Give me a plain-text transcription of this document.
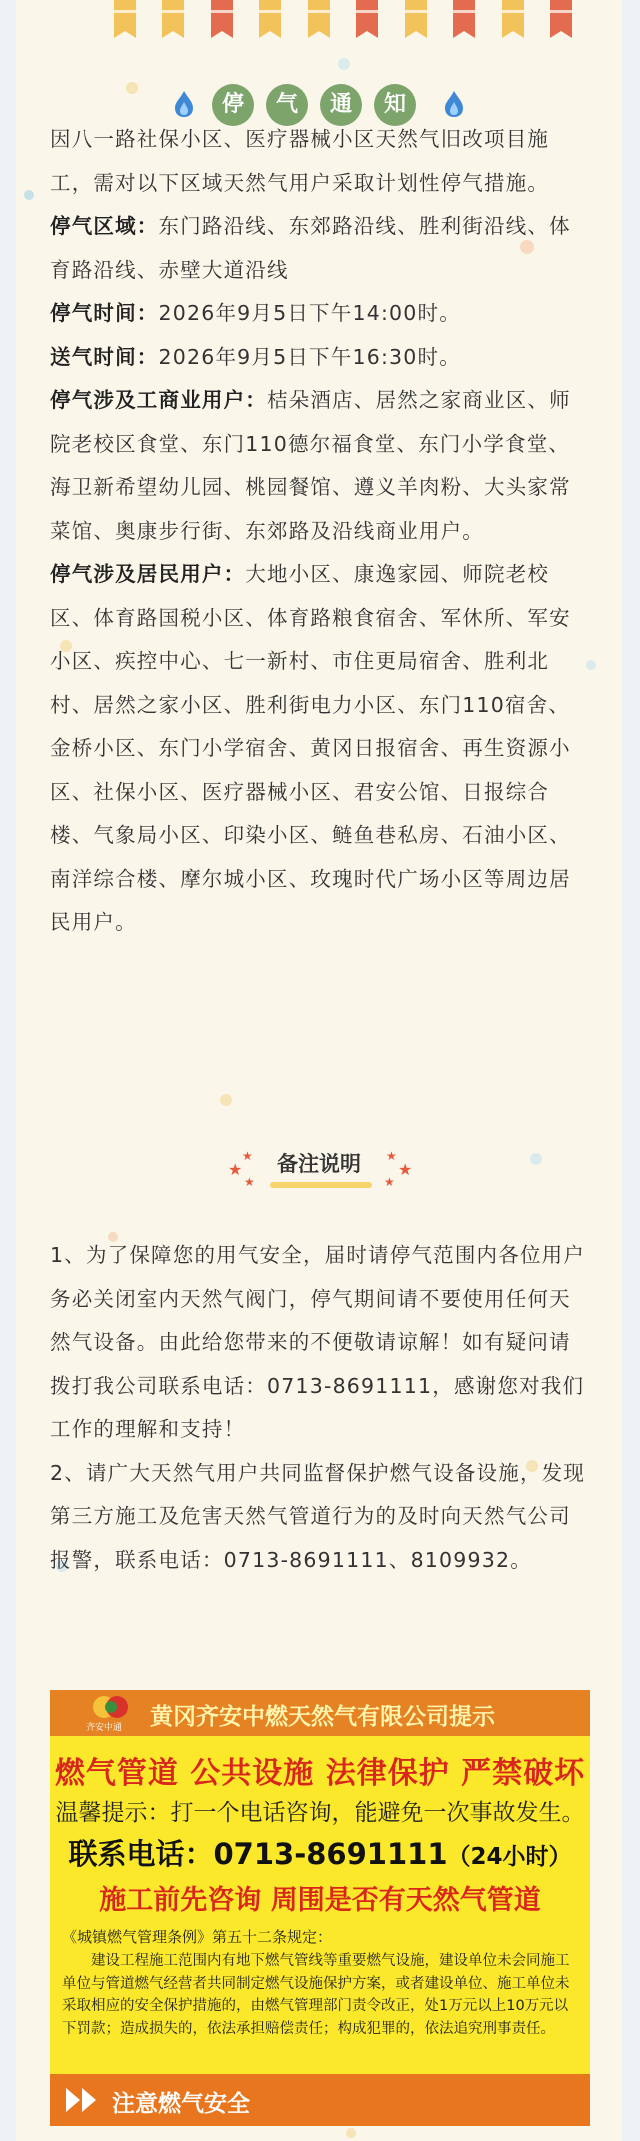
停	气	通	知

因八一路社保小区、医疗器械小区天然气旧改项目施工，需对以下区域天然气用户采取计划性停气措施。

停气区域：东门路沿线、东郊路沿线、胜利街沿线、体育路沿线、赤壁大道沿线

停气时间：2026年9月5日下午14:00时。

送气时间：2026年9月5日下午16:30时。

停气涉及工商业用户：桔朵酒店、居然之家商业区、师院老校区食堂、东门110德尔福食堂、东门小学食堂、海卫新希望幼儿园、桃园餐馆、遵义羊肉粉、大头家常菜馆、奥康步行街、东郊路及沿线商业用户。

停气涉及居民用户：大地小区、康逸家园、师院老校区、体育路国税小区、体育路粮食宿舍、军休所、军安小区、疾控中心、七一新村、市住更局宿舍、胜利北村、居然之家小区、胜利街电力小区、东门110宿舍、金桥小区、东门小学宿舍、黄冈日报宿舍、再生资源小区、社保小区、医疗器械小区、君安公馆、日报综合楼、气象局小区、印染小区、鲢鱼巷私房、石油小区、南洋综合楼、摩尔城小区、玫瑰时代广场小区等周边居民用户。

★
★
★
备注说明	★
★
★

1、为了保障您的用气安全，届时请停气范围内各位用户务必关闭室内天然气阀门，停气期间请不要使用任何天然气设备。由此给您带来的不便敬请谅解！如有疑问请拨打我公司联系电话：0713-8691111，感谢您对我们工作的理解和支持！

2、请广大天然气用户共同监督保护燃气设备设施，发现第三方施工及危害天然气管道行为的及时向天然气公司报警，联系电话：0713-8691111、8109932。

齐安中通 黄冈齐安中燃天然气有限公司提示
燃气管道 公共设施 法律保护 严禁破坏
温馨提示：打一个电话咨询，能避免一次事故发生。
联系电话：0713-8691111（24小时）
施工前先咨询 周围是否有天然气管道
《城镇燃气管理条例》第五十二条规定：
建设工程施工范围内有地下燃气管线等重要燃气设施，建设单位未会同施工单位与管道燃气经营者共同制定燃气设施保护方案，或者建设单位、施工单位未采取相应的安全保护措施的，由燃气管理部门责令改正，处1万元以上10万元以下罚款；造成损失的，依法承担赔偿责任；构成犯罪的，依法追究刑事责任。
注意燃气安全
